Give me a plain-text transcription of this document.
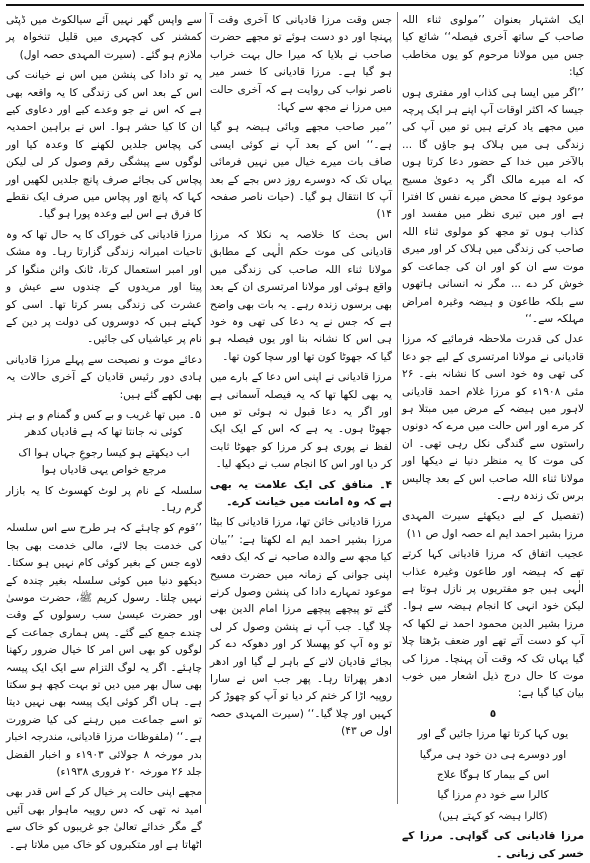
ایک اشتہار بعنوان ’’مولوی ثناء اللہ صاحب کے ساتھ آخری فیصلہ‘‘ شائع کیا جس میں مولانا مرحوم کو یوں مخاطب کیا:

’’اگر میں ایسا ہی کذاب اور مفتری ہوں جیسا کہ اکثر اوقات آپ اپنے ہر ایک پرچہ میں مجھے یاد کرتے ہیں تو میں آپ کی زندگی ہی میں ہلاک ہو جاؤں گا ... بالآخر میں خدا کے حضور دعا کرتا ہوں کہ اے میرے مالک اگر یہ دعویٰ مسیح موعود ہونے کا محض میرے نفس کا افترا ہے اور میں تیری نظر میں مفسد اور کذاب ہوں تو مجھ کو مولوی ثناء اللہ صاحب کی زندگی میں ہلاک کر اور میری موت سے ان کو اور ان کی جماعت کو خوش کر دے ... مگر نہ انسانی ہاتھوں سے بلکہ طاعون و ہیضہ وغیرہ امراض مہلکہ سے۔‘‘

عدل کی قدرت ملاحظہ فرمائیے کہ مرزا قادیانی نے مولانا امرتسری کے لیے جو دعا کی تھی وہ خود اسی کا نشانہ بنے۔ ۲۶ مئی ۱۹۰۸ء کو مرزا غلام احمد قادیانی لاہور میں ہیضہ کے مرض میں مبتلا ہو کر مرے اور اس حالت میں مرے کہ دونوں راستوں سے گندگی نکل رہی تھی۔ ان کی موت کا یہ منظر دنیا نے دیکھا اور مولانا ثناء اللہ صاحب اس کے بعد چالیس برس تک زندہ رہے۔

(تفصیل کے لیے دیکھئے سیرت المہدی مرزا بشیر احمد ایم اے حصہ اول ص ۱۱)

عجیب اتفاق کہ مرزا قادیانی کہا کرتے تھے کہ ہیضہ اور طاعون وغیرہ عذاب الٰہی ہیں جو مفتریوں پر نازل ہوتا ہے لیکن خود انہی کا انجام ہیضہ سے ہوا۔ مرزا بشیر الدین محمود احمد نے لکھا کہ آپ کو دست آتے تھے اور ضعف بڑھتا چلا گیا یہاں تک کہ وقت آن پہنچا۔ مرزا کی موت کا حال درج ذیل اشعار میں خوب بیان کیا گیا ہے:

٥

یوں کہا کرتا تھا مرزا جائیں گے اور

اور دوسرے ہی دن خود ہی مرگیا

اس کے بیمار کا ہوگا علاج

کالرا سے خود دمِ مرزا گیا

(کالرا ہیضہ کو کہتے ہیں)

مرزا قادیانی کی گواہی۔ مرزا کے خسر کی زبانی ۔

جس وقت مرزا قادیانی کا آخری وقت آ پہنچا اور دو دست ہوئے تو مجھے حضرت صاحب نے بلایا کہ میرا حال بہت خراب ہو گیا ہے۔ مرزا قادیانی کا خسر میر ناصر نواب کی روایت ہے کہ آخری حالت میں مرزا نے مجھ سے کہا:

’’میر صاحب مجھے وبائی ہیضہ ہو گیا ہے۔‘‘ اس کے بعد آپ نے کوئی ایسی صاف بات میرے خیال میں نہیں فرمائی یہاں تک کہ دوسرے روز دس بجے کے بعد آپ کا انتقال ہو گیا۔ (حیات ناصر صفحہ ۱۴)

اس بحث کا خلاصہ یہ نکلا کہ مرزا قادیانی کی موت حکم الٰہی کے مطابق مولانا ثناء اللہ صاحب کی زندگی میں واقع ہوئی اور مولانا امرتسری ان کے بعد بھی برسوں زندہ رہے۔ یہ بات بھی واضح ہے کہ جس نے یہ دعا کی تھی وہ خود ہی اس کا نشانہ بنا اور یوں فیصلہ ہو گیا کہ جھوٹا کون تھا اور سچا کون تھا۔

مرزا قادیانی نے اپنی اس دعا کے بارے میں یہ بھی لکھا تھا کہ یہ فیصلہ آسمانی ہے اور اگر یہ دعا قبول نہ ہوئی تو میں جھوٹا ہوں۔ یہ ہے کہ اس کے ایک ایک لفظ نے پوری ہو کر مرزا کو جھوٹا ثابت کر دیا اور اس کا انجام سب نے دیکھ لیا۔

۴۔ منافق کی ایک علامت یہ بھی ہے کہ وہ امانت میں خیانت کرے۔

مرزا قادیانی خائن تھا، مرزا قادیانی کا بیٹا مرزا بشیر احمد ایم اے لکھتا ہے: ’’بیان کیا مجھ سے والدہ صاحبہ نے کہ ایک دفعہ اپنی جوانی کے زمانہ میں حضرت مسیح موعود تمہارے دادا کی پنشن وصول کرنے گئے تو پیچھے پیچھے مرزا امام الدین بھی چلا گیا۔ جب آپ نے پنشن وصول کر لی تو وہ آپ کو پھسلا کر اور دھوکہ دے کر بجائے قادیان لانے کے باہر لے گیا اور ادھر ادھر پھراتا رہا۔ پھر جب اس نے سارا روپیہ اڑا کر ختم کر دیا تو آپ کو چھوڑ کر کہیں اور چلا گیا۔‘‘ (سیرت المہدی حصہ اول ص ۴۳)

سے واپس گھر نہیں آئے سیالکوٹ میں ڈپٹی کمشنر کی کچہری میں قلیل تنخواہ پر ملازم ہو گئے۔ (سیرت المہدی حصہ اول)

یہ تو دادا کی پنشن میں اس نے خیانت کی اس کے بعد اس کی زندگی کا یہ واقعہ بھی ہے کہ اس نے جو وعدے کیے اور دعاوی کیے ان کا کیا حشر ہوا۔ اس نے براہین احمدیہ کی پچاس جلدیں لکھنے کا وعدہ کیا اور لوگوں سے پیشگی رقم وصول کر لی لیکن پچاس کی بجائے صرف پانچ جلدیں لکھیں اور کہا کہ پانچ اور پچاس میں صرف ایک نقطے کا فرق ہے اس لیے وعدہ پورا ہو گیا۔

مرزا قادیانی کی خوراک کا یہ حال تھا کہ وہ تاحیات امیرانہ زندگی گزارتا رہا۔ وہ مشک اور امبر استعمال کرتا، ٹانک وائن منگوا کر پیتا اور مریدوں کے چندوں سے عیش و عشرت کی زندگی بسر کرتا تھا۔ اسی کو کہتے ہیں کہ دوسروں کی دولت پر دین کے نام پر عیاشیاں کی جائیں۔

دعائے موت و نصیحت سے پہلے مرزا قادیانی ہادی دور رئیس قادیان کے آخری حالات یہ بھی لکھے گئے ہیں:

۵۔ میں تھا غریب و بے کس و گمنام و بے ہنر کوئی نہ جانتا تھا کہ ہے قادیاں کدھر

اب دیکھتے ہو کیسا رجوعِ جہاں ہوا اک مرجع خواص یہی قادیاں ہوا

سلسلہ کے نام پر لوٹ کھسوٹ کا یہ بازار گرم رہا۔

’’قوم کو چاہئے کہ ہر طرح سے اس سلسلہ کی خدمت بجا لائے، مالی خدمت بھی بجا لاوے جس کے بغیر کوئی کام نہیں ہو سکتا۔ دیکھو دنیا میں کوئی سلسلہ بغیر چندہ کے نہیں چلتا۔ رسول کریم ﷺ، حضرت موسیٰ اور حضرت عیسیٰ سب رسولوں کے وقت چندے جمع کیے گئے۔ پس ہماری جماعت کے لوگوں کو بھی اس امر کا خیال ضرور رکھنا چاہئے۔ اگر یہ لوگ التزام سے ایک ایک پیسہ بھی سال بھر میں دیں تو بہت کچھ ہو سکتا ہے۔ ہاں اگر کوئی ایک پیسہ بھی نہیں دیتا تو اسے جماعت میں رہنے کی کیا ضرورت ہے۔‘‘ (ملفوظات مرزا قادیانی، مندرجہ اخبار بدر مورخہ ۸ جولائی ۱۹۰۳ء و اخبار الفضل جلد ۲۶ مورخہ ۲۰ فروری ۱۹۳۸ء)

مجھے اپنی حالت پر خیال کر کے اس قدر بھی امید نہ تھی کہ دس روپیہ ماہوار بھی آئیں گے مگر خدائے تعالیٰ جو غریبوں کو خاک سے اٹھاتا ہے اور متکبروں کو خاک میں ملاتا ہے۔
